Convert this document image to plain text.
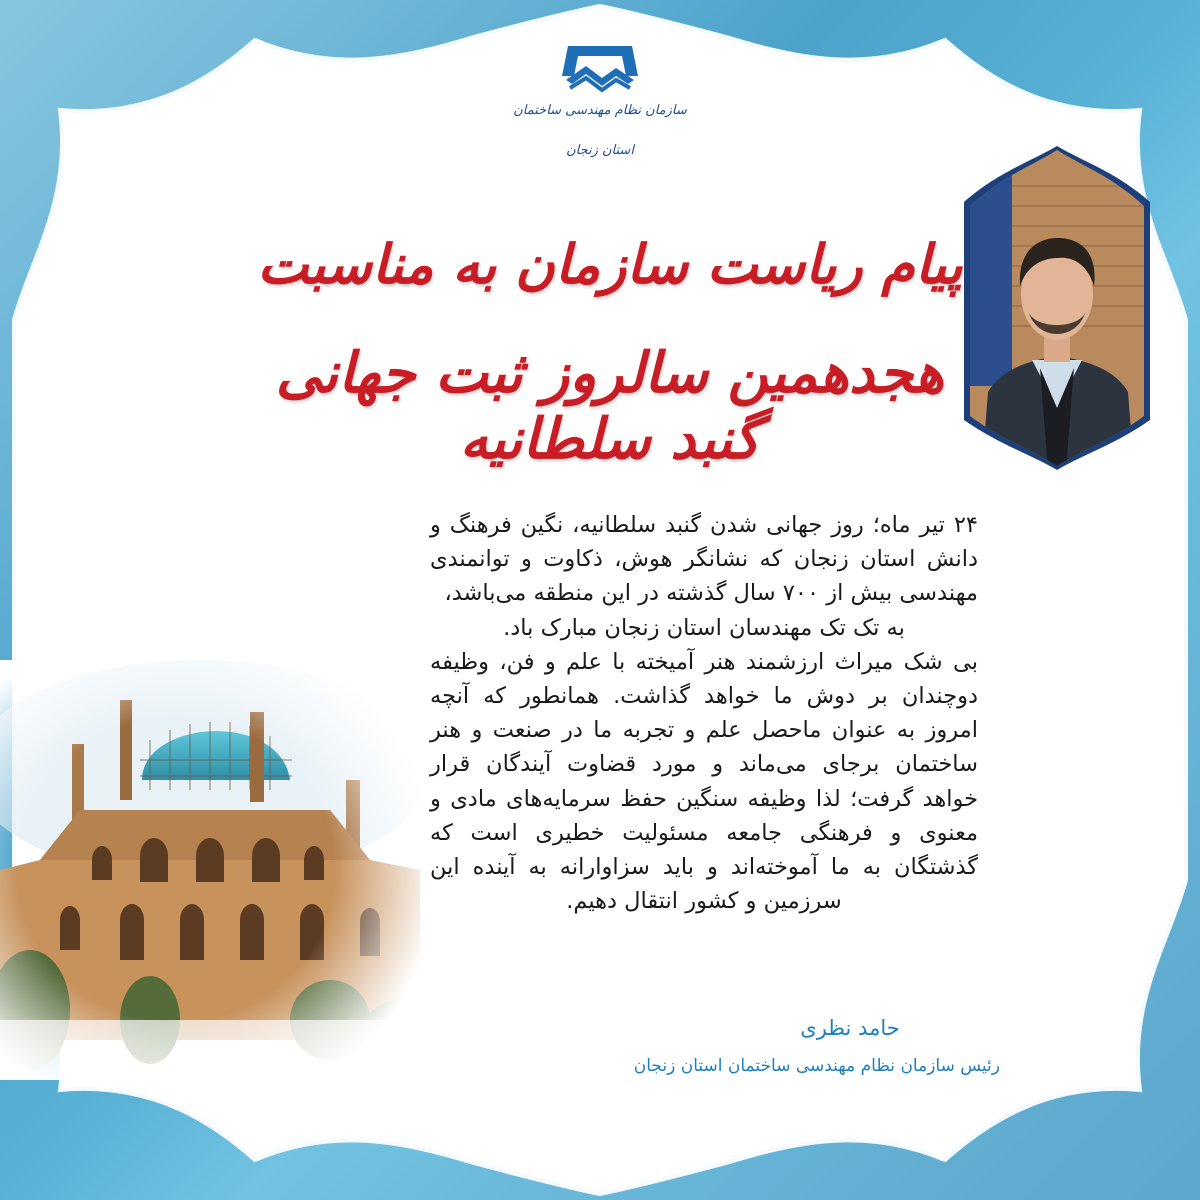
سازمان نظام مهندسی ساختمان
استان زنجان
پیام ریاست سازمان به مناسبت
هجدهمین سالروز ثبت جهانی گنبد سلطانیه

۲۴ تیر ماه؛ روز جهانی شدن گنبد سلطانیه، نگین فرهنگ و دانش استان زنجان که نشانگر هوش، ذکاوت و توانمندی مهندسی بیش از ۷۰۰ سال گذشته در این منطقه می‌باشد،

به تک تک مهندسان استان زنجان مبارک باد.

بی شک میراث ارزشمند هنر آمیخته با علم و فن، وظیفه دوچندان بر دوش ما خواهد گذاشت. همانطور که آنچه امروز به عنوان ماحصل علم و تجربه ما در صنعت و هنر ساختمان برجای می‌ماند و مورد قضاوت آیندگان قرار خواهد گرفت؛ لذا وظیفه سنگین حفظ سرمایه‌های مادی و معنوی و فرهنگی جامعه مسئولیت خطیری است که گذشتگان به ما آموخته‌اند و باید سزاوارانه به آینده این سرزمین و کشور انتقال دهیم.

حامد نظری
رئیس سازمان نظام مهندسی ساختمان استان زنجان
